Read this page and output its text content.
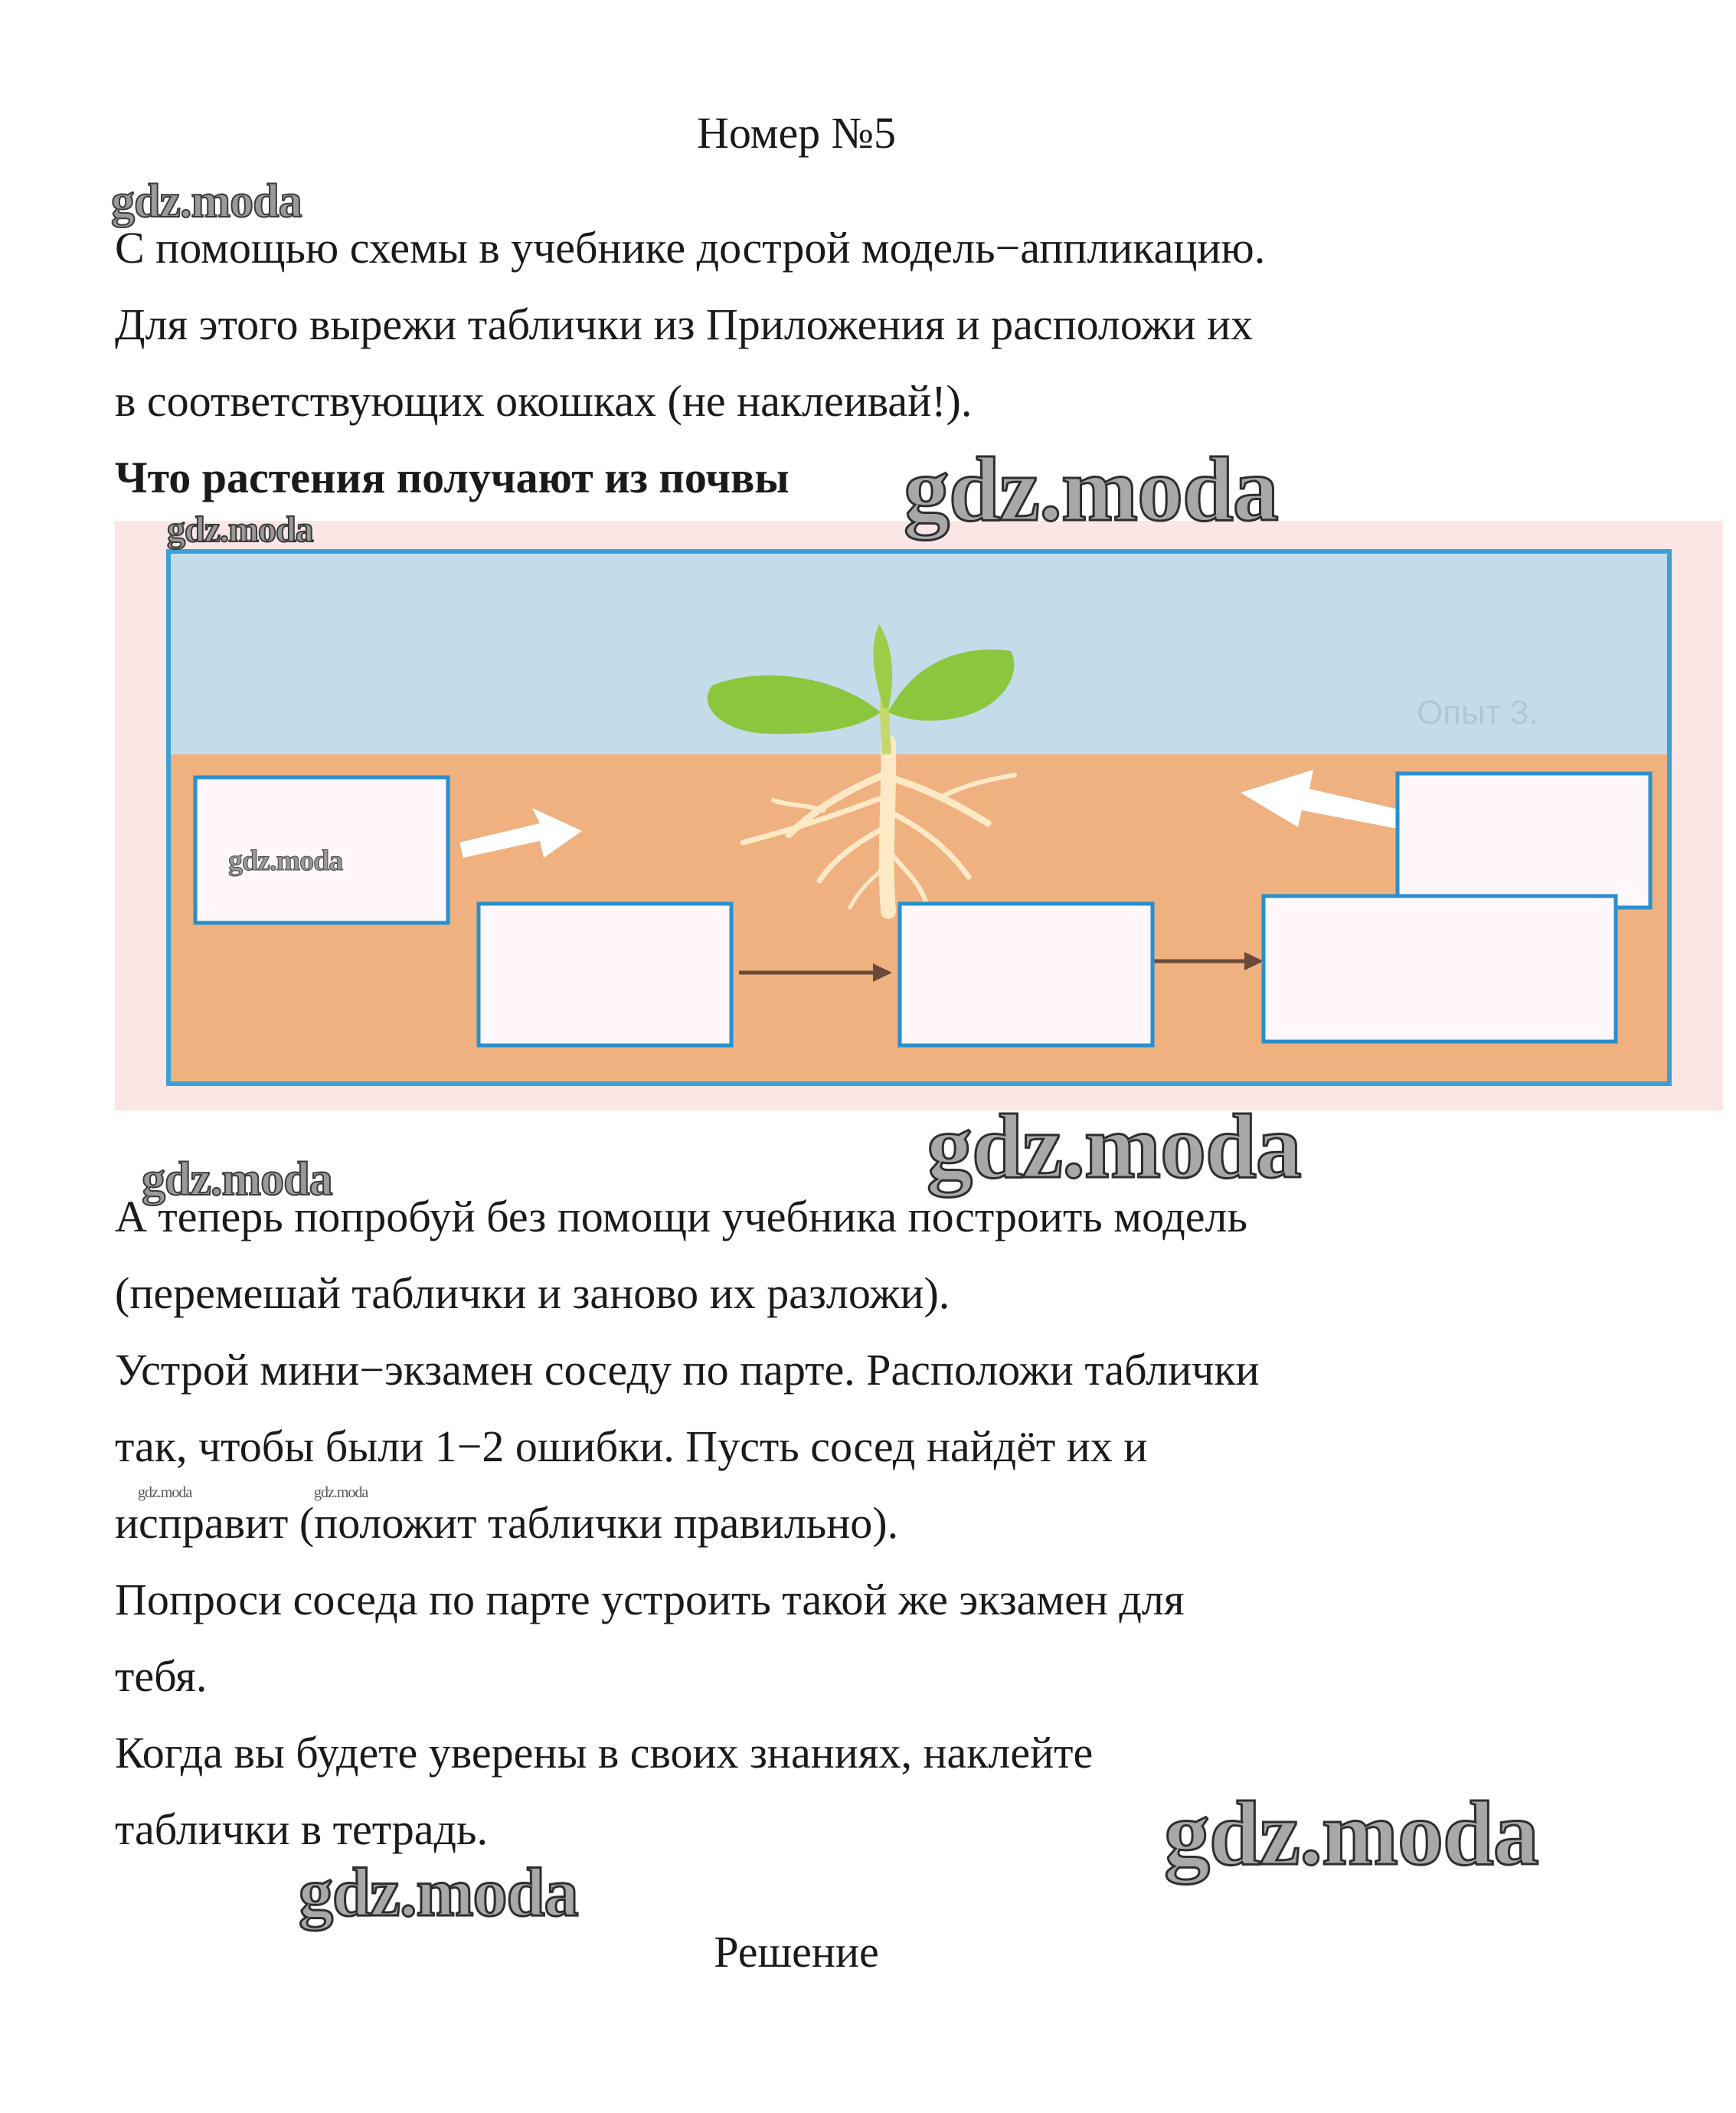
Номер №5
С помощью схемы в учебнике дострой модель−аппликацию.
Для этого вырежи таблички из Приложения и расположи их
в соответствующих окошках (не наклеивай!).
Что растения получают из почвы
Опыт 3.
А теперь попробуй без помощи учебника построить модель
(перемешай таблички и заново их разложи).
Устрой мини−экзамен соседу по парте. Расположи таблички
так, чтобы были 1−2 ошибки. Пусть сосед найдёт их и
исправит (положит таблички правильно).
Попроси соседа по парте устроить такой же экзамен для
тебя.
Когда вы будете уверены в своих знаниях, наклейте
таблички в тетрадь.
Решение
gdz.moda
gdz.moda
gdz.moda
gdz.moda
gdz.moda
gdz.moda
gdz.moda	gdz.moda
gdz.moda
gdz.moda
